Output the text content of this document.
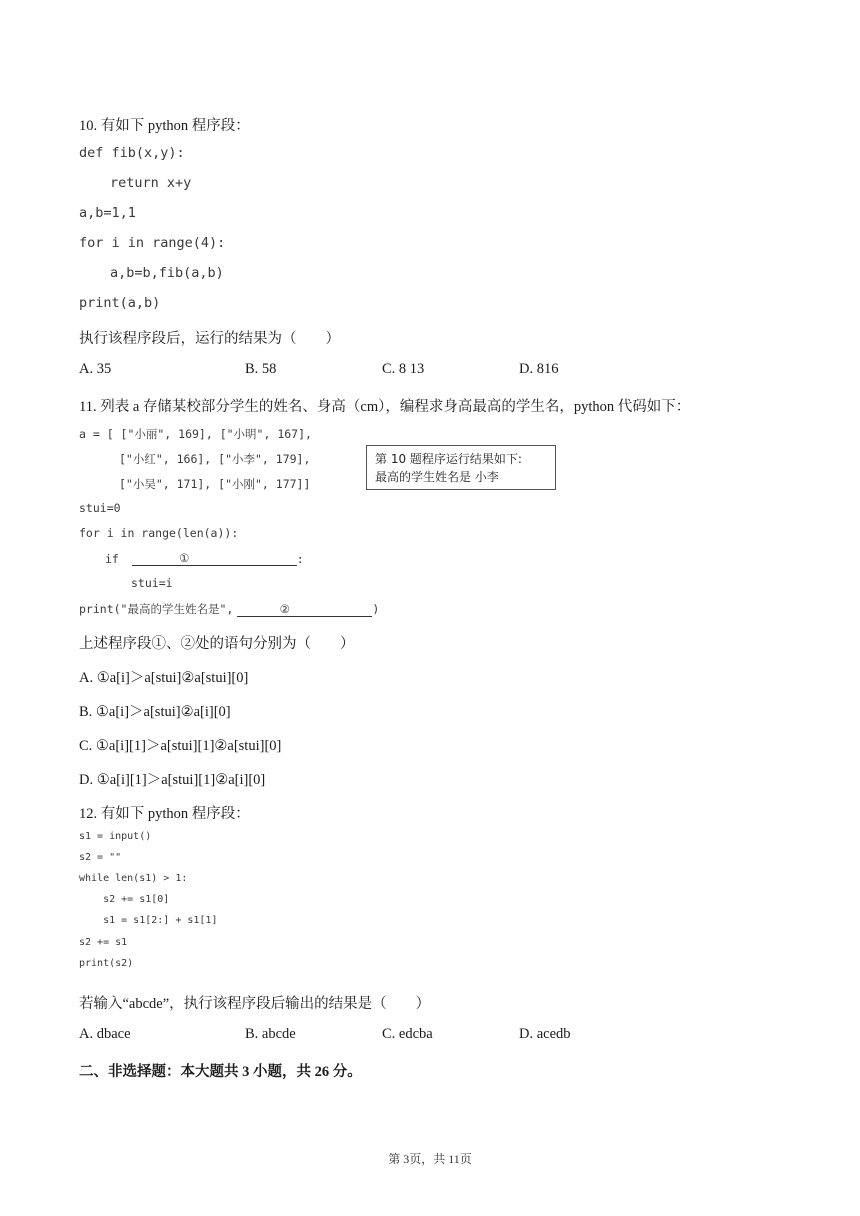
10. 有如下 python 程序段：
def fib(x,y):
return x+y
a,b=1,1
for i in range(4):
a,b=b,fib(a,b)
print(a,b)
执行该程序段后，运行的结果为（　　）
A. 35	B. 58	C. 8 13	D. 816
11. 列表 a 存储某校部分学生的姓名、身高（cm），编程求身高最高的学生名，python 代码如下：
a = [ ["小丽", 169], ["小明", 167],
["小红", 166], ["小李", 179],
["小吴", 171], ["小刚", 177]]
第 10 题程序运行结果如下:
最高的学生姓名是 小李
stui=0
for i in range(len(a)):
if	①	:
stui=i
print("最高的学生姓名是",	②	)
上述程序段①、②处的语句分别为（　　）
A. ①a[i]＞a[stui]②a[stui][0]
B. ①a[i]＞a[stui]②a[i][0]
C. ①a[i][1]＞a[stui][1]②a[stui][0]
D. ①a[i][1]＞a[stui][1]②a[i][0]
12. 有如下 python 程序段：
s1 = input()
s2 = ""
while len(s1) > 1:
s2 += s1[0]
s1 = s1[2:] + s1[1]
s2 += s1
print(s2)
若输入“abcde”，执行该程序段后输出的结果是（　　）
A. dbace	B. abcde	C. edcba	D. acedb
二、非选择题：本大题共 3 小题，共 26 分。
第 3页，共 11页
